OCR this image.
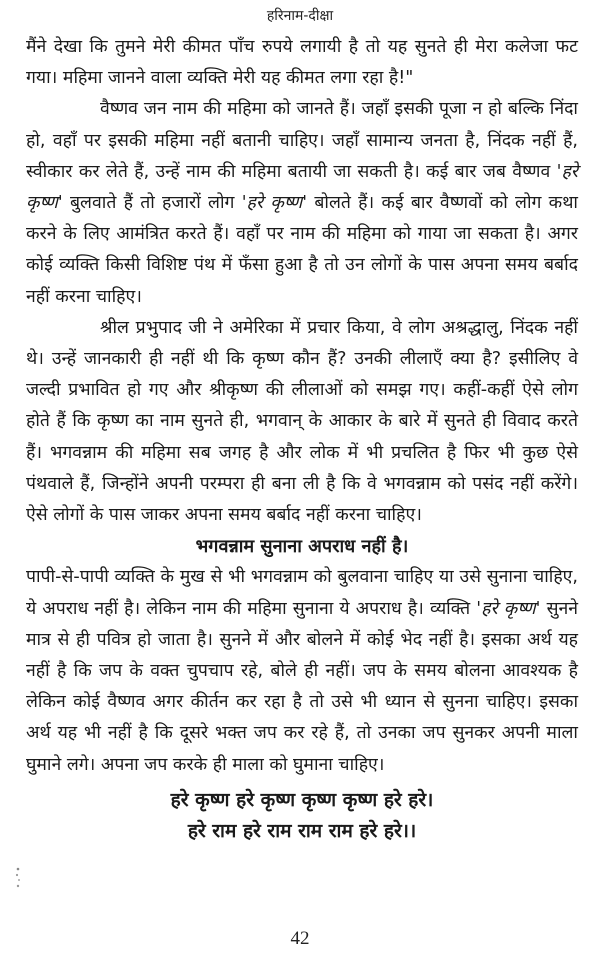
हरिनाम-दीक्षा

मैंने देखा कि तुमने मेरी कीमत पाँच रुपये लगायी है तो यह सुनते ही मेरा कलेजा फट गया। महिमा जानने वाला व्यक्ति मेरी यह कीमत लगा रहा है!"

वैष्णव जन नाम की महिमा को जानते हैं। जहाँ इसकी पूजा न हो बल्कि निंदा हो, वहाँ पर इसकी महिमा नहीं बतानी चाहिए। जहाँ सामान्य जनता है, निंदक नहीं हैं, स्वीकार कर लेते हैं, उन्हें नाम की महिमा बतायी जा सकती है। कई बार जब वैष्णव 'हरे कृष्ण' बुलवाते हैं तो हजारों लोग 'हरे कृष्ण' बोलते हैं। कई बार वैष्णवों को लोग कथा करने के लिए आमंत्रित करते हैं। वहाँ पर नाम की महिमा को गाया जा सकता है। अगर कोई व्यक्ति किसी विशिष्ट पंथ में फँसा हुआ है तो उन लोगों के पास अपना समय बर्बाद नहीं करना चाहिए।

श्रील प्रभुपाद जी ने अमेरिका में प्रचार किया, वे लोग अश्रद्धालु, निंदक नहीं थे। उन्हें जानकारी ही नहीं थी कि कृष्ण कौन हैं? उनकी लीलाएँ क्या है? इसीलिए वे जल्दी प्रभावित हो गए और श्रीकृष्ण की लीलाओं को समझ गए। कहीं-कहीं ऐसे लोग होते हैं कि कृष्ण का नाम सुनते ही, भगवान् के आकार के बारे में सुनते ही विवाद करते हैं। भगवन्नाम की महिमा सब जगह है और लोक में भी प्रचलित है फिर भी कुछ ऐसे पंथवाले हैं, जिन्होंने अपनी परम्परा ही बना ली है कि वे भगवन्नाम को पसंद नहीं करेंगे। ऐसे लोगों के पास जाकर अपना समय बर्बाद नहीं करना चाहिए।

भगवन्नाम सुनाना अपराध नहीं है।

पापी-से-पापी व्यक्ति के मुख से भी भगवन्नाम को बुलवाना चाहिए या उसे सुनाना चाहिए, ये अपराध नहीं है। लेकिन नाम की महिमा सुनाना ये अपराध है। व्यक्ति 'हरे कृष्ण' सुनने मात्र से ही पवित्र हो जाता है। सुनने में और बोलने में कोई भेद नहीं है। इसका अर्थ यह नहीं है कि जप के वक्त चुपचाप रहे, बोले ही नहीं। जप के समय बोलना आवश्यक है लेकिन कोई वैष्णव अगर कीर्तन कर रहा है तो उसे भी ध्यान से सुनना चाहिए। इसका अर्थ यह भी नहीं है कि दूसरे भक्त जप कर रहे हैं, तो उनका जप सुनकर अपनी माला घुमाने लगे। अपना जप करके ही माला को घुमाना चाहिए।

हरे कृष्ण हरे कृष्ण कृष्ण कृष्ण हरे हरे।
हरे राम हरे राम राम राम हरे हरे।।
42
